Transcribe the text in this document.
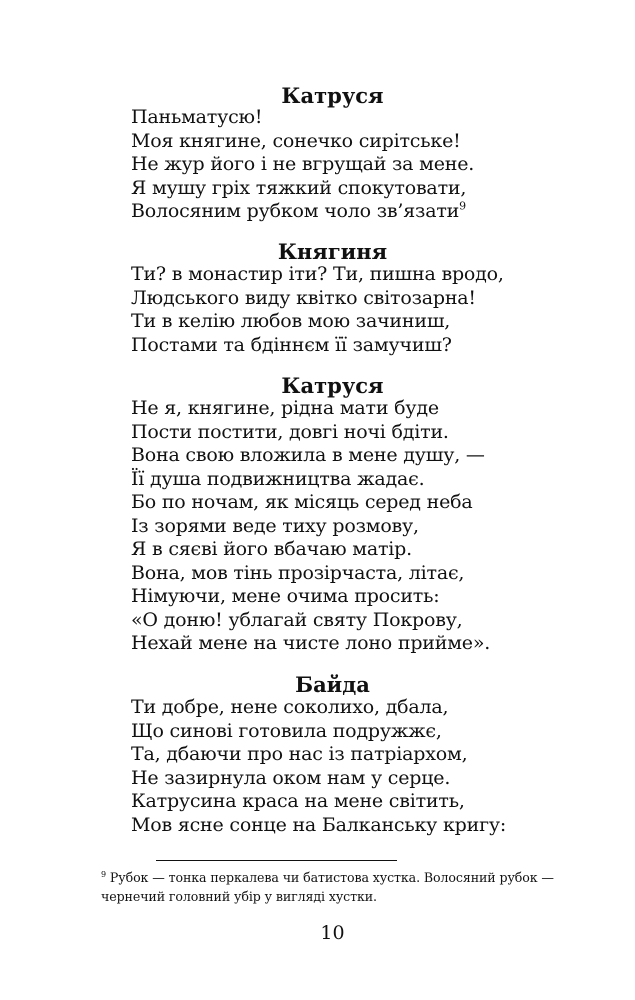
Катруся
Паньматусю!
Моя княгине, сонечко сирітське!
Не жур його і не вгрущай за мене.
Я мушу гріх тяжкий спокутовати,
Волосяним рубком чоло зв’язати$^9$
Княгиня
Ти? в монастир іти? Ти, пишна вродо,
Людського виду квітко світозарна!
Ти в келію любов мою зачиниш,
Постами та бдіннєм її замучиш?
Катруся
Не я, княгине, рідна мати буде
Пости постити, довгі ночі бдіти.
Вона свою вложила в мене душу, —
Її душа подвижництва жадає.
Бо по ночам, як місяць серед неба
Із зорями веде тиху розмову,
Я в сяєві його вбачаю матір.
Вона, мов тінь прозірчаста, літає,
Німуючи, мене очима просить:
«О доню! ублагай святу Покрову,
Нехай мене на чисте лоно прийме».
Байда
Ти добре, нене соколихо, дбала,
Що синові готовила подружжє,
Та, дбаючи про нас із патріархом,
Не зазирнула оком нам у серце.
Катрусина краса на мене світить,
Мов ясне сонце на Балканську кригу:
$^9$ Рубок — тонка перкалева чи батистова хустка. Волосяний рубок —
чернечий головний убір у вигляді хустки.
10
